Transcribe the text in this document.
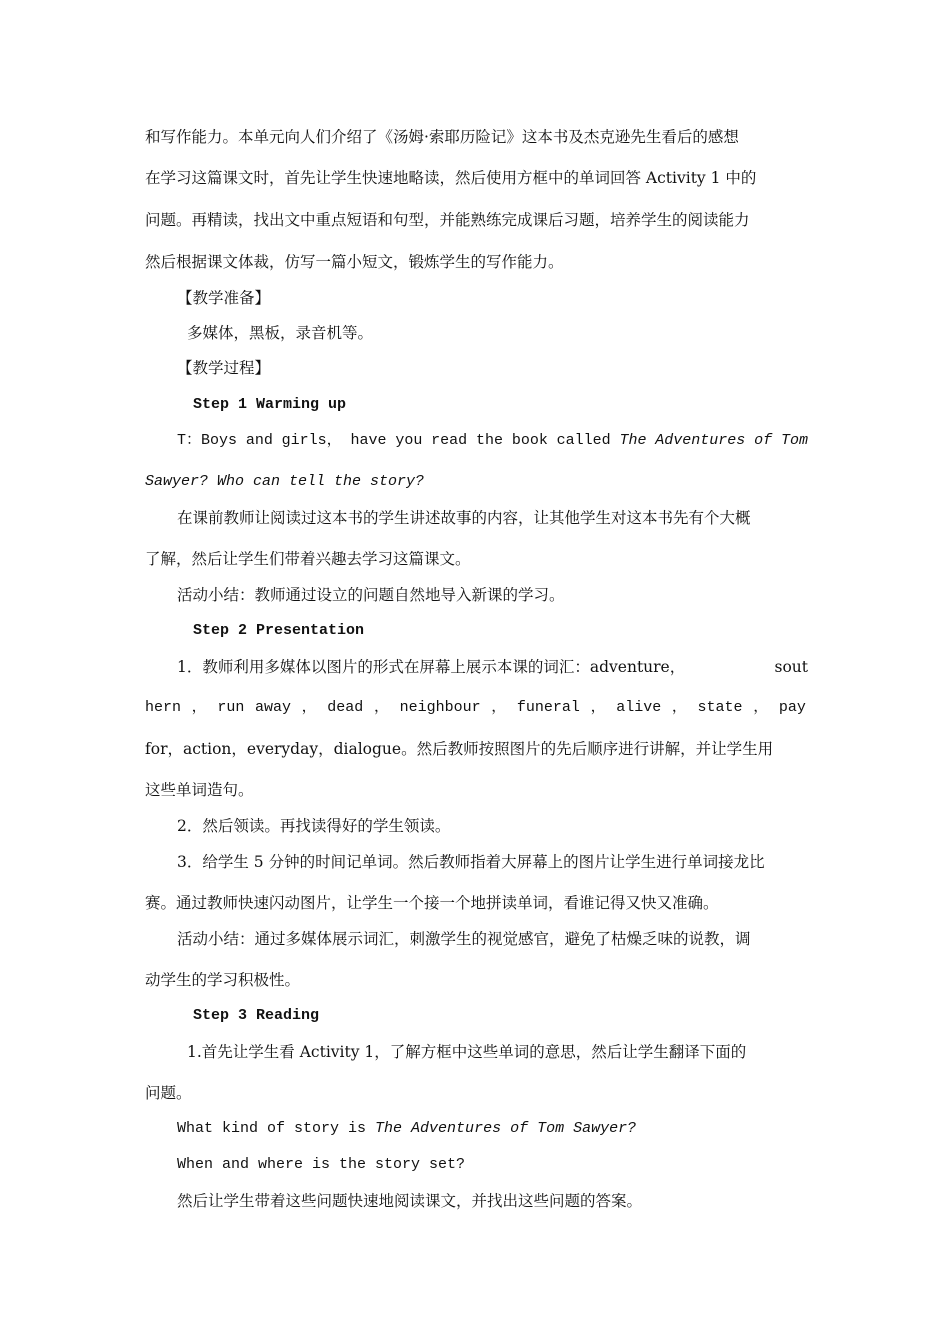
和写作能力。本单元向人们介绍了《汤姆·索耶历险记》这本书及杰克逊先生看后的感想
在学习这篇课文时，首先让学生快速地略读，然后使用方框中的单词回答 Activity 1 中的
问题。再精读，找出文中重点短语和句型，并能熟练完成课后习题，培养学生的阅读能力
然后根据课文体裁，仿写一篇小短文，锻炼学生的写作能力。
【教学准备】
多媒体，黑板，录音机等。
【教学过程】
Step 1 Warming up
T：Boys and girls， have you read the book called The Adventures of Tom
Sawyer? Who can tell the story?
在课前教师让阅读过这本书的学生讲述故事的内容，让其他学生对这本书先有个大概
了解，然后让学生们带着兴趣去学习这篇课文。
活动小结：教师通过设立的问题自然地导入新课的学习。
Step 2 Presentation
1．教师利用多媒体以图片的形式在屏幕上展示本课的词汇：adventure，	sout
hern ， run away ， dead ， neighbour ， funeral ， alive ， state ， pay
for，action，everyday，dialogue。然后教师按照图片的先后顺序进行讲解，并让学生用
这些单词造句。
2．然后领读。再找读得好的学生领读。
3．给学生 5 分钟的时间记单词。然后教师指着大屏幕上的图片让学生进行单词接龙比
赛。通过教师快速闪动图片，让学生一个接一个地拼读单词，看谁记得又快又准确。
活动小结：通过多媒体展示词汇，刺激学生的视觉感官，避免了枯燥乏味的说教，调
动学生的学习积极性。
Step 3 Reading
1.首先让学生看 Activity 1，了解方框中这些单词的意思，然后让学生翻译下面的
问题。
What kind of story is The Adventures of Tom Sawyer?
When and where is the story set?
然后让学生带着这些问题快速地阅读课文，并找出这些问题的答案。
